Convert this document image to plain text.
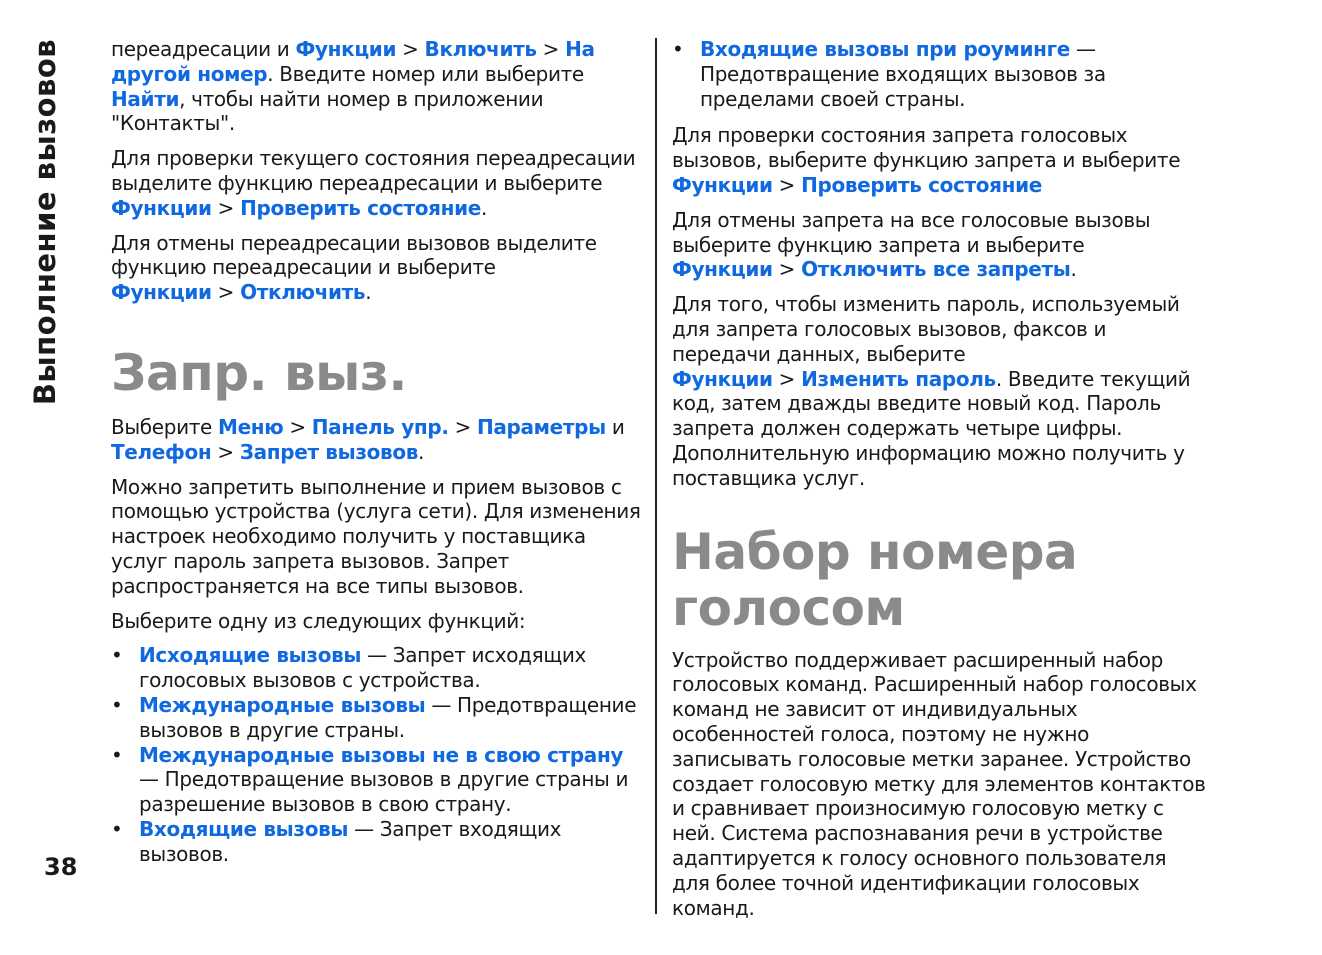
Выполнение вызовов
38

переадресации и Функции > Включить > На другой номер. Введите номер или выберите Найти, чтобы найти номер в приложении "Контакты".

Для проверки текущего состояния переадресации выделите функцию переадресации и выберите Функции > Проверить состояние.

Для отмены переадресации вызовов выделите функцию переадресации и выберите Функции > Отключить.

Запр. выз.

Выберите Меню > Панель упр. > Параметры и Телефон > Запрет вызовов.

Можно запретить выполнение и прием вызовов с помощью устройства (услуга сети). Для изменения настроек необходимо получить у поставщика услуг пароль запрета вызовов. Запрет распространяется на все типы вызовов.

Выберите одну из следующих функций:

• Исходящие вызовы — Запрет исходящих голосовых вызовов с устройства.
• Международные вызовы — Предотвращение вызовов в другие страны.
• Международные вызовы не в свою страну — Предотвращение вызовов в другие страны и разрешение вызовов в свою страну.
• Входящие вызовы — Запрет входящих вызовов.
• Входящие вызовы при роуминге — Предотвращение входящих вызовов за пределами своей страны.

Для проверки состояния запрета голосовых вызовов, выберите функцию запрета и выберите Функции > Проверить состояние

Для отмены запрета на все голосовые вызовы выберите функцию запрета и выберите Функции > Отключить все запреты.

Для того, чтобы изменить пароль, используемый для запрета голосовых вызовов, факсов и передачи данных, выберите Функции > Изменить пароль. Введите текущий код, затем дважды введите новый код. Пароль запрета должен содержать четыре цифры. Дополнительную информацию можно получить у поставщика услуг.

Набор номера голосом

Устройство поддерживает расширенный набор голосовых команд. Расширенный набор голосовых команд не зависит от индивидуальных особенностей голоса, поэтому не нужно записывать голосовые метки заранее. Устройство создает голосовую метку для элементов контактов и сравнивает произносимую голосовую метку с ней. Система распознавания речи в устройстве адаптируется к голосу основного пользователя для более точной идентификации голосовых команд.
